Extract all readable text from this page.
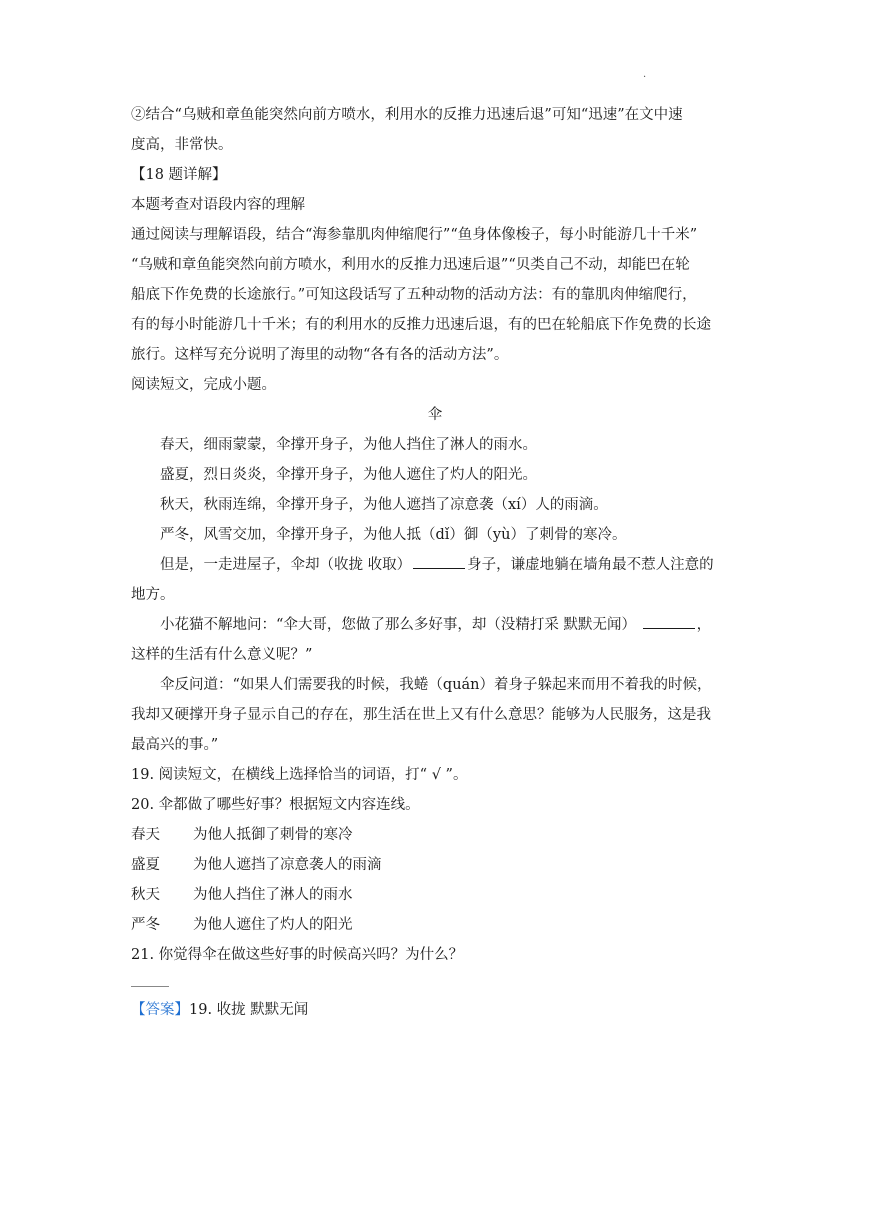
·

②结合“乌贼和章鱼能突然向前方喷水，利用水的反推力迅速后退”可知“迅速”在文中速

度高，非常快。

【18 题详解】

本题考查对语段内容的理解

通过阅读与理解语段，结合“海参靠肌肉伸缩爬行”“鱼身体像梭子，每小时能游几十千米”

“乌贼和章鱼能突然向前方喷水，利用水的反推力迅速后退”“贝类自己不动，却能巴在轮

船底下作免费的长途旅行。”可知这段话写了五种动物的活动方法：有的靠肌肉伸缩爬行，

有的每小时能游几十千米；有的利用水的反推力迅速后退，有的巴在轮船底下作免费的长途

旅行。这样写充分说明了海里的动物“各有各的活动方法”。

阅读短文，完成小题。

伞

春天，细雨蒙蒙，伞撑开身子，为他人挡住了淋人的雨水。

盛夏，烈日炎炎，伞撑开身子，为他人遮住了灼人的阳光。

秋天，秋雨连绵，伞撑开身子，为他人遮挡了凉意袭（xí）人的雨滴。

严冬，风雪交加，伞撑开身子，为他人抵（dǐ）御（yù）了刺骨的寒冷。

但是，一走进屋子，伞却（收拢 收取）	身子，谦虚地躺在墙角最不惹人注意的

地方。

小花猫不解地问：“伞大哥，您做了那么多好事，却（没精打采 默默无闻）	，

这样的生活有什么意义呢？”

伞反问道：“如果人们需要我的时候，我蜷（quán）着身子躲起来而用不着我的时候，

我却又硬撑开身子显示自己的存在，那生活在世上又有什么意思？能够为人民服务，这是我

最高兴的事。”

19. 阅读短文，在横线上选择恰当的词语，打“ √ ”。

20. 伞都做了哪些好事？根据短文内容连线。

春天	为他人抵御了刺骨的寒冷
盛夏	为他人遮挡了凉意袭人的雨滴
秋天	为他人挡住了淋人的雨水
严冬	为他人遮住了灼人的阳光

21. 你觉得伞在做这些好事的时候高兴吗？为什么？

【答案】19. 收拢 默默无闻
